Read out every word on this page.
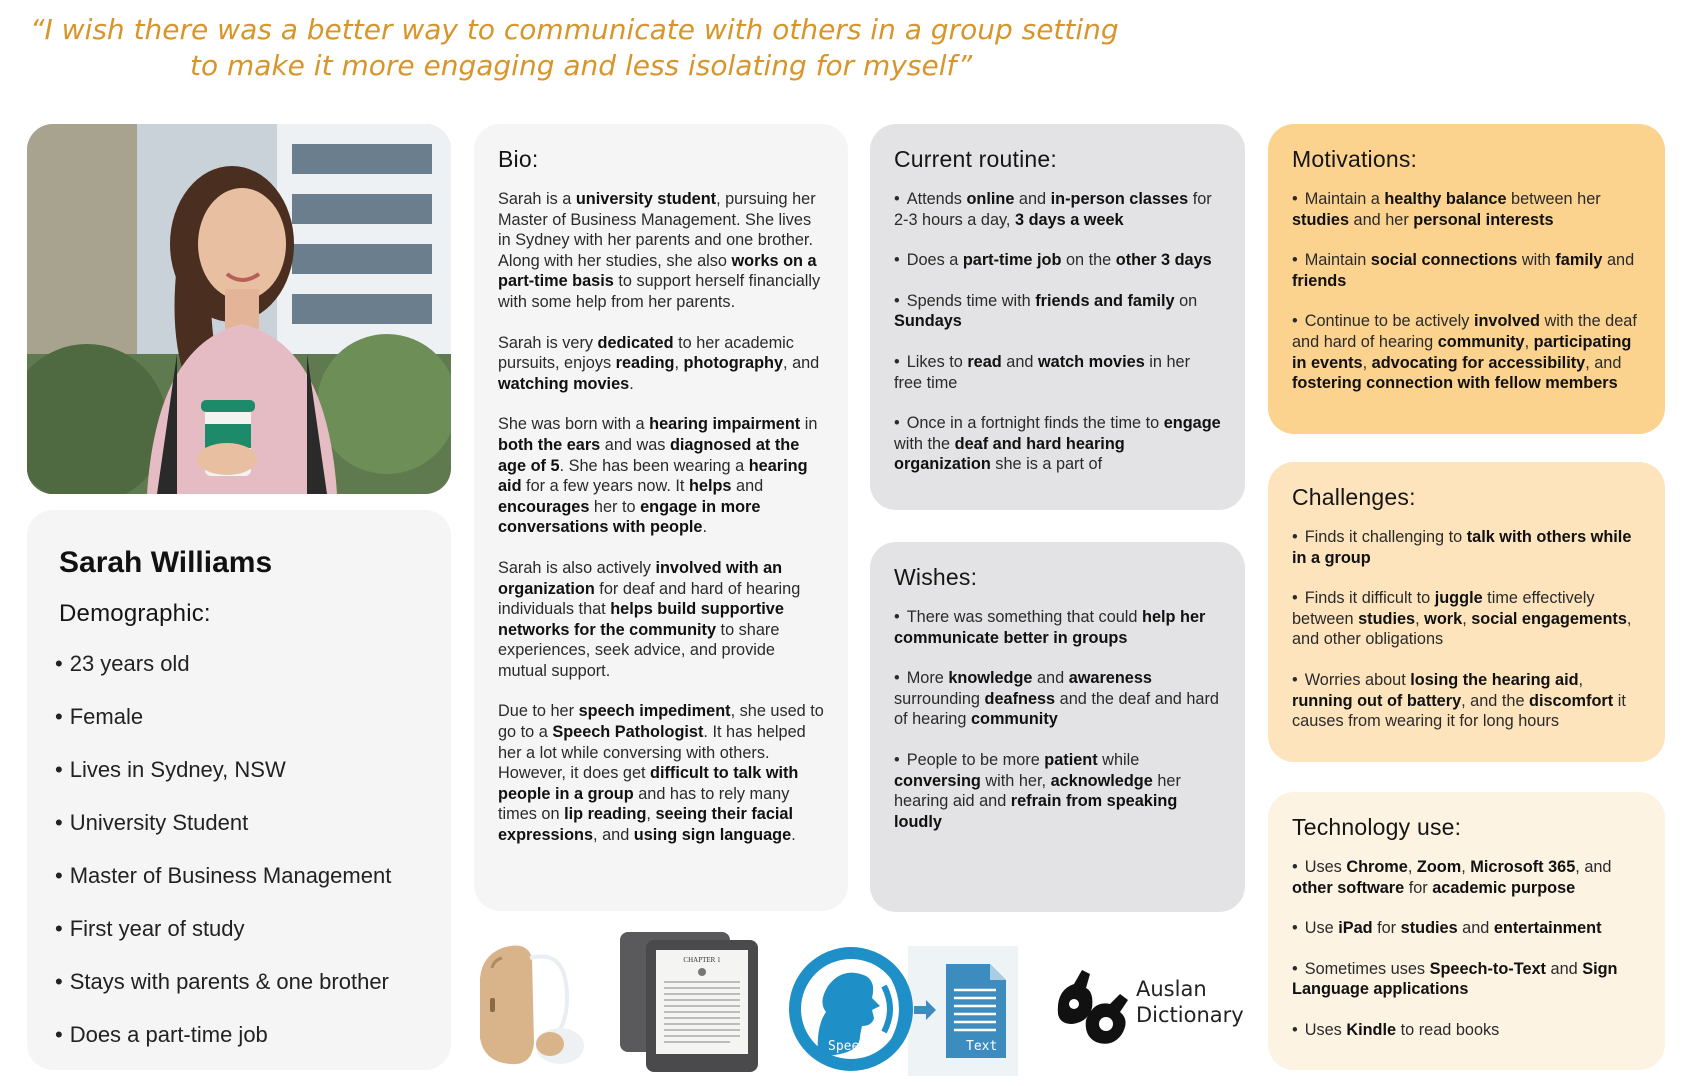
“I wish there was a better way to communicate with others in a group setting
to make it more engaging and less isolating for myself”
Sarah Williams
Demographic:
• 23 years old
• Female
• Lives in Sydney, NSW
• University Student
• Master of Business Management
• First year of study
• Stays with parents & one brother
• Does a part-time job
Bio:

Sarah is a university student, pursuing her Master of Business Management. She lives in Sydney with her parents and one brother. Along with her studies, she also works on a part-time basis to support herself financially with some help from her parents.

Sarah is very dedicated to her academic pursuits, enjoys reading, photography, and watching movies.

She was born with a hearing impairment in both the ears and was diagnosed at the age of 5. She has been wearing a hearing aid for a few years now. It helps and encourages her to engage in more conversations with people.

Sarah is also actively involved with an organization for deaf and hard of hearing individuals that helps build supportive networks for the community to share experiences, seek advice, and provide mutual support.

Due to her speech impediment, she used to go to a Speech Pathologist. It has helped her a lot while conversing with others. However, it does get difficult to talk with people in a group and has to rely many times on lip reading, seeing their facial expressions, and using sign language.

Current routine:
• Attends online and in-person classes for 2-3 hours a day, 3 days a week
• Does a part-time job on the other 3 days
• Spends time with friends and family on Sundays
• Likes to read and watch movies in her free time
• Once in a fortnight finds the time to engage with the deaf and hard hearing organization she is a part of
Wishes:
• There was something that could help her communicate better in groups
• More knowledge and awareness surrounding deafness and the deaf and hard of hearing community
• People to be more patient while conversing with her, acknowledge her hearing aid and refrain from speaking loudly
Motivations:
• Maintain a healthy balance between her studies and her personal interests
• Maintain social connections with family and friends
• Continue to be actively involved with the deaf and hard of hearing community, participating in events, advocating for accessibility, and fostering connection with fellow members
Challenges:
• Finds it challenging to talk with others while in a group
• Finds it difficult to juggle time effectively between studies, work, social engagements, and other obligations
• Worries about losing the hearing aid, running out of battery, and the discomfort it causes from wearing it for long hours
Technology use:
• Uses Chrome, Zoom, Microsoft 365, and other software for academic purpose
• Use iPad for studies and entertainment
• Sometimes uses Speech-to-Text and Sign Language applications
• Uses Kindle to read books
CHAPTER 1
Speech	Text
Auslan
Dictionary
